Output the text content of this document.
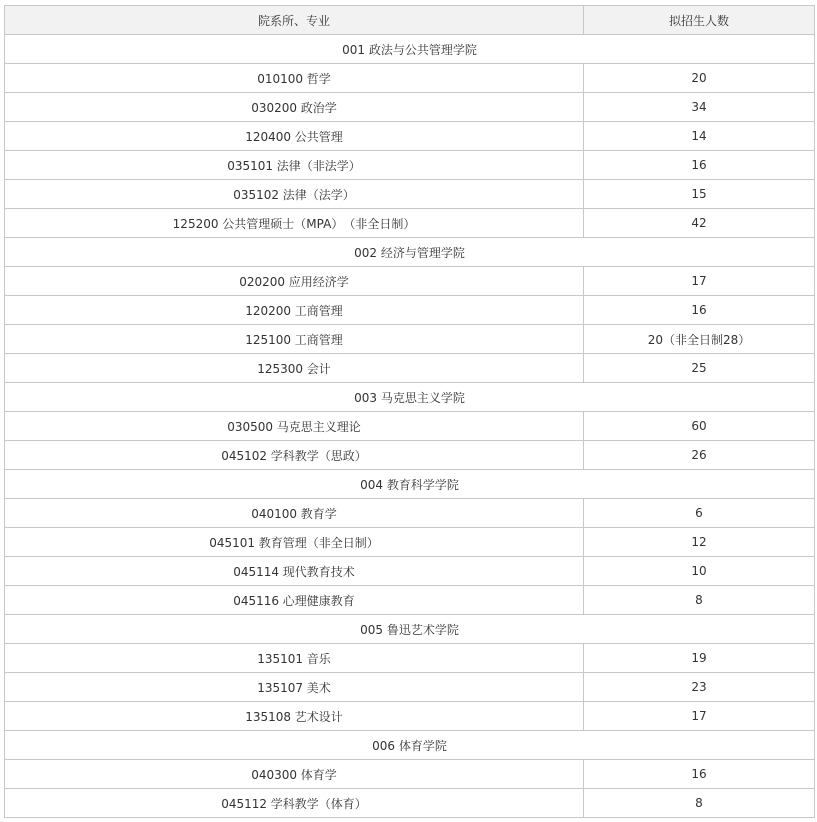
院系所、专业	拟招生人数
001 政法与公共管理学院	
010100 哲学	20
030200 政治学	34
120400 公共管理	14
035101 法律（非法学）	16
035102 法律（法学）	15
125200 公共管理硕士（MPA）　（非全日制）	42
002 经济与管理学院	
020200 应用经济学	17
120200 工商管理	16
125100 工商管理	20（非全日制28）
125300 会计	25
003 马克思主义学院	
030500 马克思主义理论	60
045102 学科教学（思政）	26
004 教育科学学院	
040100 教育学	6
045101 教育管理（非全日制）	12
045114 现代教育技术	10
045116 心理健康教育	8
005 鲁迅艺术学院	
135101 音乐	19
135107 美术	23
135108 艺术设计	17
006 体育学院	
040300 体育学	16
045112 学科教学（体育）	8
